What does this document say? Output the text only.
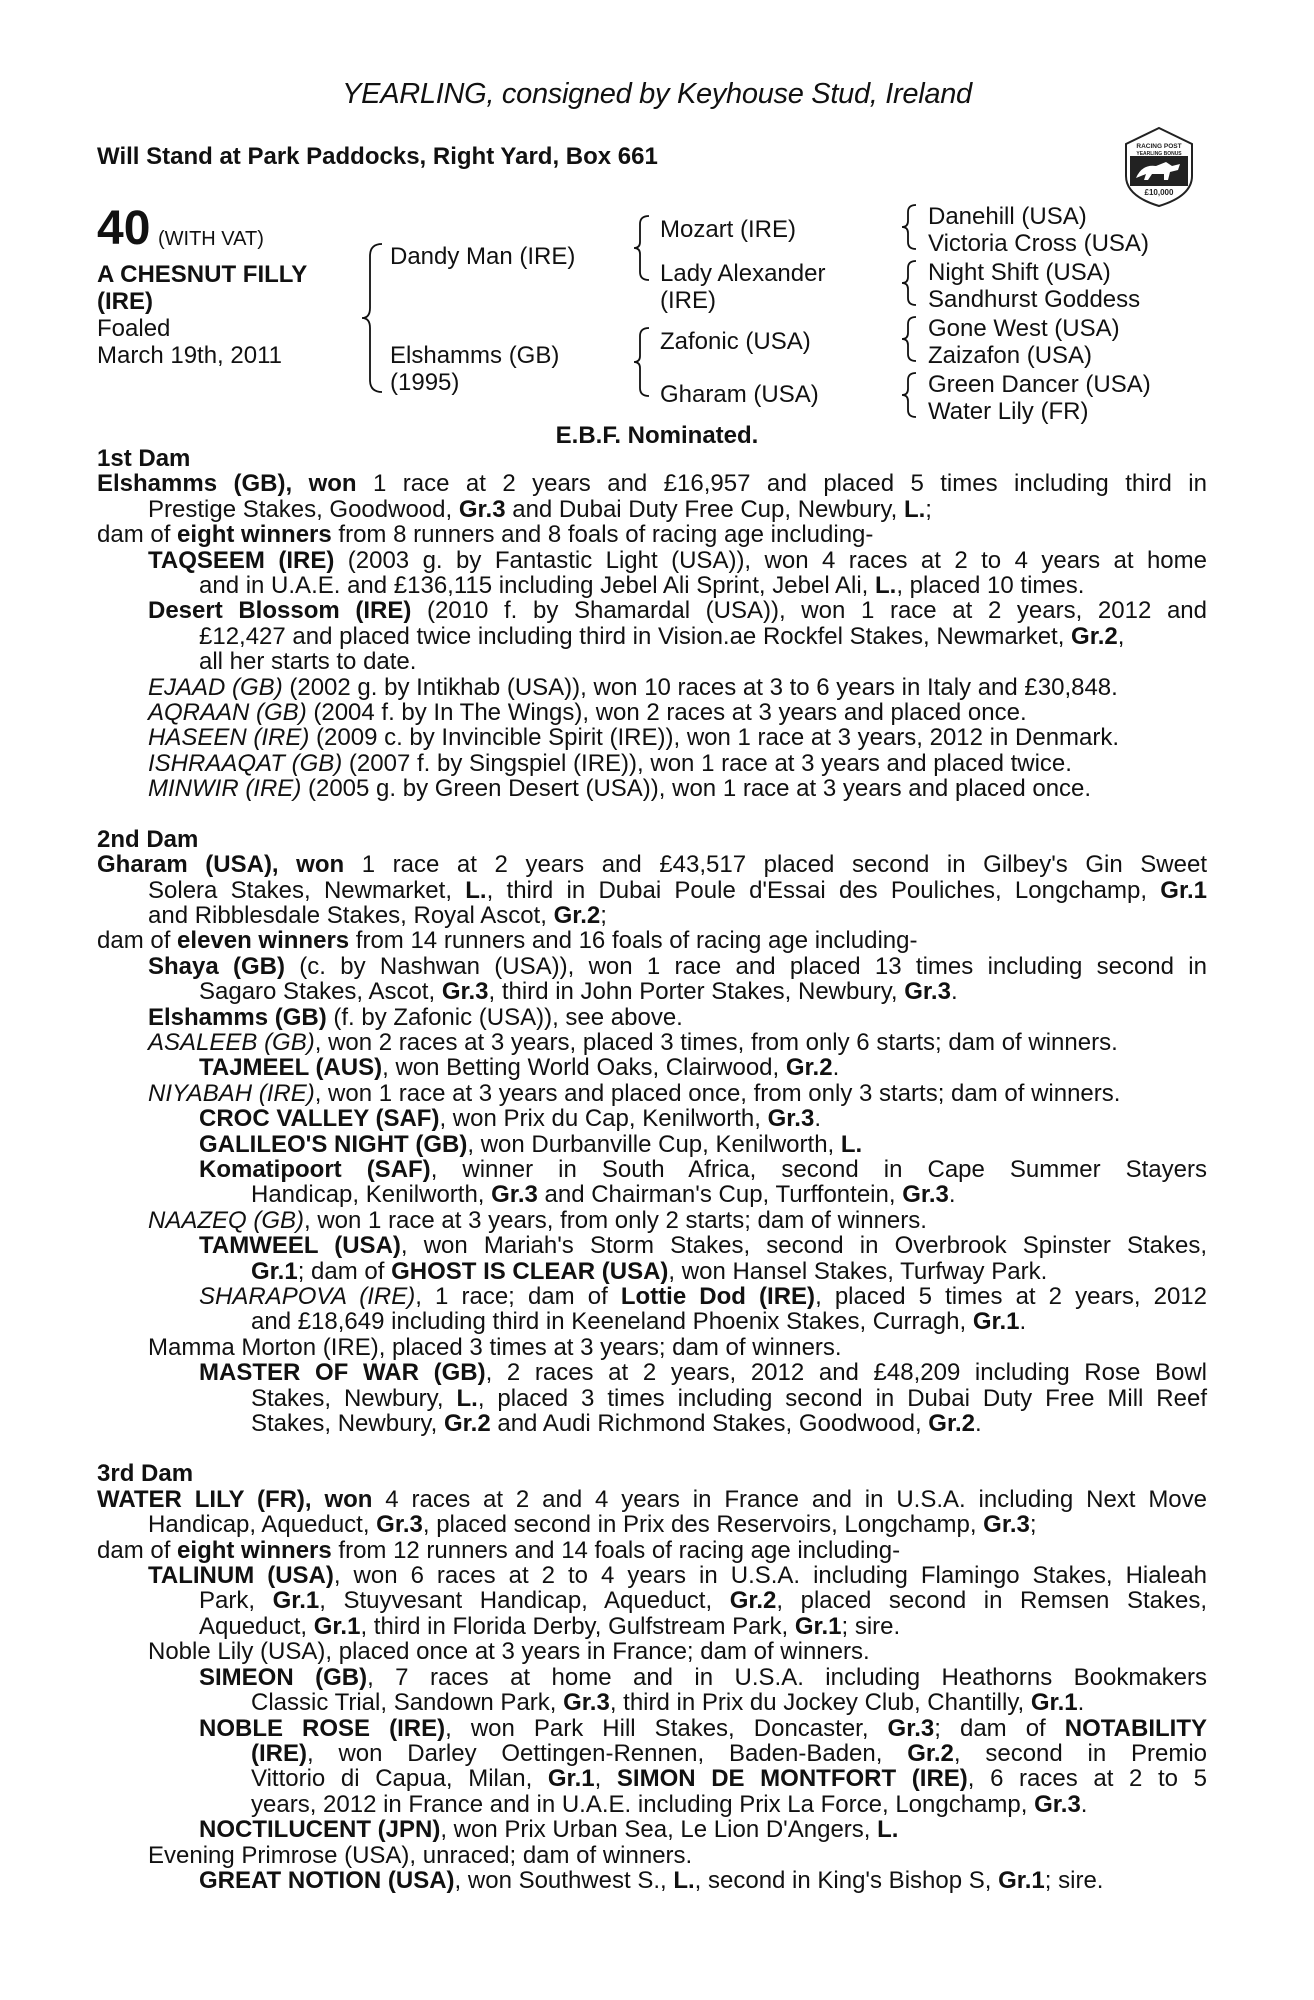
YEARLING, consigned by Keyhouse Stud, Ireland
Will Stand at Park Paddocks, Right Yard, Box 661	RACING POST
YEARLING BONUS
£10,000
40 (WITH VAT)
A CHESNUT FILLY
(IRE)
Foaled
March 19th, 2011
Dandy Man (IRE)
Elshamms (GB)
(1995)
Mozart (IRE)
Lady Alexander
(IRE)
Zafonic (USA)
Gharam (USA)
Danehill (USA)
Victoria Cross (USA)
Night Shift (USA)
Sandhurst Goddess
Gone West (USA)
Zaizafon (USA)
Green Dancer (USA)
Water Lily (FR)
E.B.F. Nominated.
1st Dam
Elshamms (GB), won 1 race at 2 years and £16,957 and placed 5 times including third in
Prestige Stakes, Goodwood, Gr.3 and Dubai Duty Free Cup, Newbury, L.;
dam of eight winners from 8 runners and 8 foals of racing age including-
TAQSEEM (IRE) (2003 g. by Fantastic Light (USA)), won 4 races at 2 to 4 years at home
and in U.A.E. and £136,115 including Jebel Ali Sprint, Jebel Ali, L., placed 10 times.
Desert Blossom (IRE) (2010 f. by Shamardal (USA)), won 1 race at 2 years, 2012 and
£12,427 and placed twice including third in Vision.ae Rockfel Stakes, Newmarket, Gr.2,
all her starts to date.
EJAAD (GB) (2002 g. by Intikhab (USA)), won 10 races at 3 to 6 years in Italy and £30,848.
AQRAAN (GB) (2004 f. by In The Wings), won 2 races at 3 years and placed once.
HASEEN (IRE) (2009 c. by Invincible Spirit (IRE)), won 1 race at 3 years, 2012 in Denmark.
ISHRAAQAT (GB) (2007 f. by Singspiel (IRE)), won 1 race at 3 years and placed twice.
MINWIR (IRE) (2005 g. by Green Desert (USA)), won 1 race at 3 years and placed once.
2nd Dam
Gharam (USA), won 1 race at 2 years and £43,517 placed second in Gilbey's Gin Sweet
Solera Stakes, Newmarket, L., third in Dubai Poule d'Essai des Pouliches, Longchamp, Gr.1
and Ribblesdale Stakes, Royal Ascot, Gr.2;
dam of eleven winners from 14 runners and 16 foals of racing age including-
Shaya (GB) (c. by Nashwan (USA)), won 1 race and placed 13 times including second in
Sagaro Stakes, Ascot, Gr.3, third in John Porter Stakes, Newbury, Gr.3.
Elshamms (GB) (f. by Zafonic (USA)), see above.
ASALEEB (GB), won 2 races at 3 years, placed 3 times, from only 6 starts; dam of winners.
TAJMEEL (AUS), won Betting World Oaks, Clairwood, Gr.2.
NIYABAH (IRE), won 1 race at 3 years and placed once, from only 3 starts; dam of winners.
CROC VALLEY (SAF), won Prix du Cap, Kenilworth, Gr.3.
GALILEO'S NIGHT (GB), won Durbanville Cup, Kenilworth, L.
Komatipoort (SAF), winner in South Africa, second in Cape Summer Stayers
Handicap, Kenilworth, Gr.3 and Chairman's Cup, Turffontein, Gr.3.
NAAZEQ (GB), won 1 race at 3 years, from only 2 starts; dam of winners.
TAMWEEL (USA), won Mariah's Storm Stakes, second in Overbrook Spinster Stakes,
Gr.1; dam of GHOST IS CLEAR (USA), won Hansel Stakes, Turfway Park.
SHARAPOVA (IRE), 1 race; dam of Lottie Dod (IRE), placed 5 times at 2 years, 2012
and £18,649 including third in Keeneland Phoenix Stakes, Curragh, Gr.1.
Mamma Morton (IRE), placed 3 times at 3 years; dam of winners.
MASTER OF WAR (GB), 2 races at 2 years, 2012 and £48,209 including Rose Bowl
Stakes, Newbury, L., placed 3 times including second in Dubai Duty Free Mill Reef
Stakes, Newbury, Gr.2 and Audi Richmond Stakes, Goodwood, Gr.2.
3rd Dam
WATER LILY (FR), won 4 races at 2 and 4 years in France and in U.S.A. including Next Move
Handicap, Aqueduct, Gr.3, placed second in Prix des Reservoirs, Longchamp, Gr.3;
dam of eight winners from 12 runners and 14 foals of racing age including-
TALINUM (USA), won 6 races at 2 to 4 years in U.S.A. including Flamingo Stakes, Hialeah
Park, Gr.1, Stuyvesant Handicap, Aqueduct, Gr.2, placed second in Remsen Stakes,
Aqueduct, Gr.1, third in Florida Derby, Gulfstream Park, Gr.1; sire.
Noble Lily (USA), placed once at 3 years in France; dam of winners.
SIMEON (GB), 7 races at home and in U.S.A. including Heathorns Bookmakers
Classic Trial, Sandown Park, Gr.3, third in Prix du Jockey Club, Chantilly, Gr.1.
NOBLE ROSE (IRE), won Park Hill Stakes, Doncaster, Gr.3; dam of NOTABILITY
(IRE), won Darley Oettingen-Rennen, Baden-Baden, Gr.2, second in Premio
Vittorio di Capua, Milan, Gr.1, SIMON DE MONTFORT (IRE), 6 races at 2 to 5
years, 2012 in France and in U.A.E. including Prix La Force, Longchamp, Gr.3.
NOCTILUCENT (JPN), won Prix Urban Sea, Le Lion D'Angers, L.
Evening Primrose (USA), unraced; dam of winners.
GREAT NOTION (USA), won Southwest S., L., second in King's Bishop S, Gr.1; sire.
